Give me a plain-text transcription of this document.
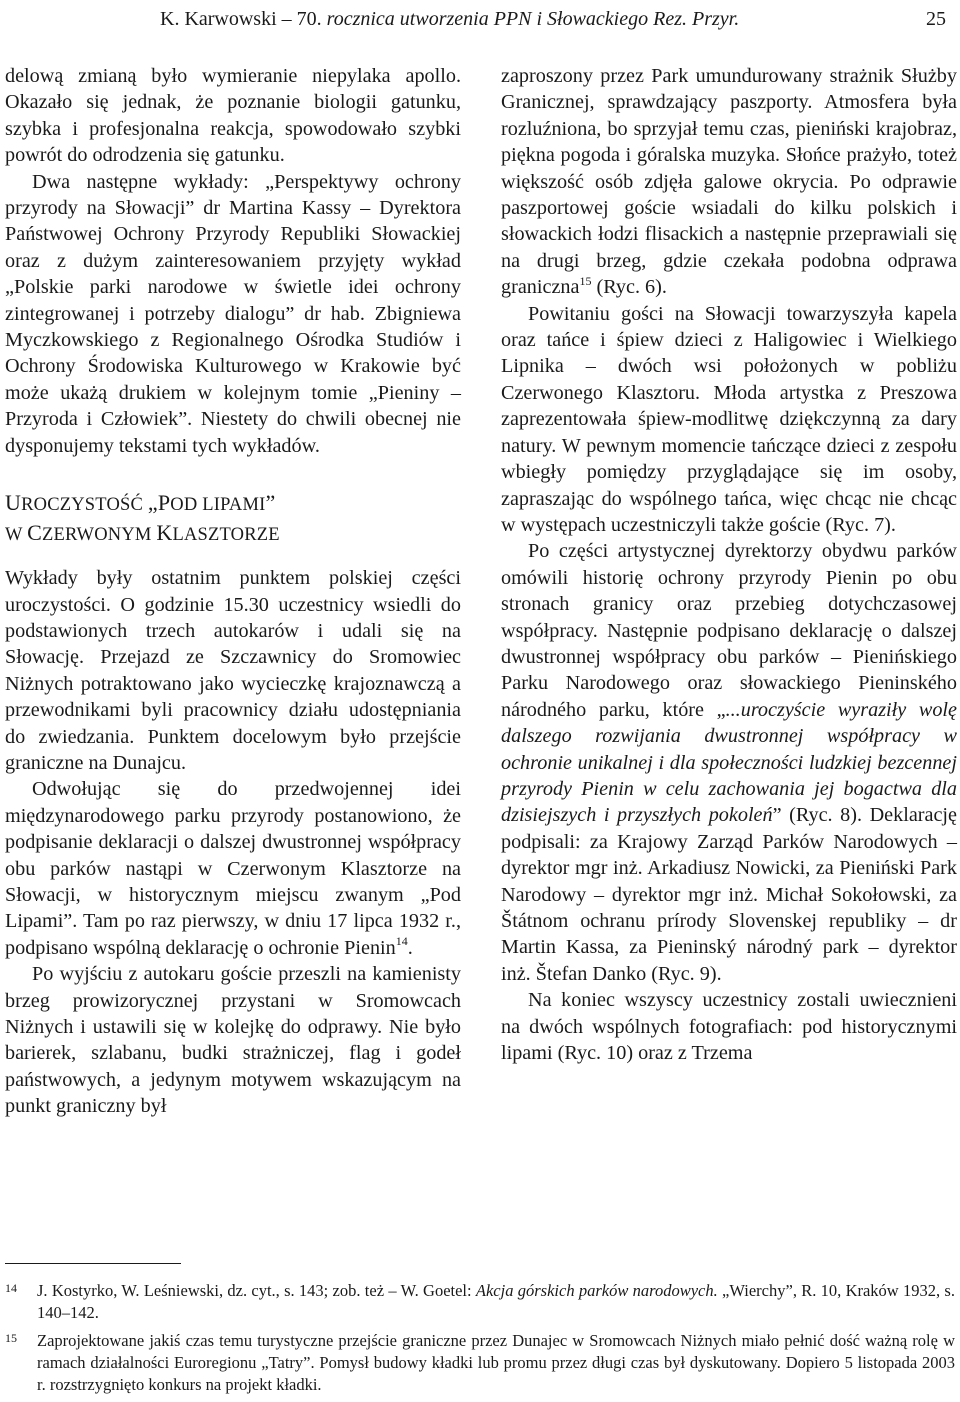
K. Karwowski – 70. rocznica utworzenia PPN i Słowackiego Rez. Przyr.	25

delową zmianą było wymieranie niepylaka apollo. Okazało się jednak, że poznanie biologii gatunku, szybka i profesjonalna reakcja, spowodowało szybki powrót do odrodzenia się gatunku.

Dwa następne wykłady: „Perspektywy ochrony przyrody na Słowacji” dr Martina Kassy – Dyrektora Państwowej Ochrony Przyrody Republiki Słowackiej oraz z dużym zainteresowaniem przyjęty wykład „Polskie parki narodowe w świetle idei ochrony zintegrowanej i potrzeby dialogu” dr hab. Zbigniewa Myczkowskiego z Regionalnego Ośrodka Studiów i Ochrony Środowiska Kulturowego w Krakowie być może ukażą drukiem w kolejnym tomie „Pieniny – Przyroda i Człowiek”. Niestety do chwili obecnej nie dysponujemy tekstami tych wykładów.

UROCZYSTOŚĆ „POD LIPAMI”
W CZERWONYM KLASZTORZE

Wykłady były ostatnim punktem polskiej części uroczystości. O godzinie 15.30 uczestnicy wsiedli do podstawionych trzech autokarów i udali się na Słowację. Przejazd ze Szczawnicy do Sromowiec Niżnych potraktowano jako wycieczkę krajoznawczą a przewodnikami byli pracownicy działu udostępniania do zwiedzania. Punktem docelowym było przejście graniczne na Dunajcu.

Odwołując się do przedwojennej idei międzynarodowego parku przyrody postanowiono, że podpisanie deklaracji o dalszej dwustronnej współpracy obu parków nastąpi w Czerwonym Klasztorze na Słowacji, w historycznym miejscu zwanym „Pod Lipami”. Tam po raz pierwszy, w dniu 17 lipca 1932 r., podpisano wspólną deklarację o ochronie Pienin$^{14}$.

Po wyjściu z autokaru goście przeszli na kamienisty brzeg prowizorycznej przystani w Sromowcach Niżnych i ustawili się w kolejkę do odprawy. Nie było barierek, szlabanu, budki strażniczej, flag i godeł państwowych, a jedynym motywem wskazującym na punkt graniczny był

zaproszony przez Park umundurowany strażnik Służby Granicznej, sprawdzający paszporty. Atmosfera była rozluźniona, bo sprzyjał temu czas, pieniński krajobraz, piękna pogoda i góralska muzyka. Słońce prażyło, toteż większość osób zdjęła galowe okrycia. Po odprawie paszportowej goście wsiadali do kilku polskich i słowackich łodzi flisackich a następnie przeprawiali się na drugi brzeg, gdzie czekała podobna odprawa graniczna$^{15}$ (Ryc. 6).

Powitaniu gości na Słowacji towarzyszyła kapela oraz tańce i śpiew dzieci z Haligowiec i Wielkiego Lipnika – dwóch wsi położonych w pobliżu Czerwonego Klasztoru. Młoda artystka z Preszowa zaprezentowała śpiew-modlitwę dziękczynną za dary natury. W pewnym momencie tańczące dzieci z zespołu wbiegły pomiędzy przyglądające się im osoby, zapraszając do wspólnego tańca, więc chcąc nie chcąc w występach uczestniczyli także goście (Ryc. 7).

Po części artystycznej dyrektorzy obydwu parków omówili historię ochrony przyrody Pienin po obu stronach granicy oraz przebieg dotychczasowej współpracy. Następnie podpisano deklarację o dalszej dwustronnej współpracy obu parków – Pienińskiego Parku Narodowego oraz słowackiego Pieninského národného parku, które „...uroczyście wyraziły wolę dalszego rozwijania dwustronnej współpracy w ochronie unikalnej i dla społeczności ludzkiej bezcennej przyrody Pienin w celu zachowania jej bogactwa dla dzisiejszych i przyszłych pokoleń” (Ryc. 8). Deklarację podpisali: za Krajowy Zarząd Parków Narodowych – dyrektor mgr inż. Arkadiusz Nowicki, za Pieniński Park Narodowy – dyrektor mgr inż. Michał Sokołowski, za Štátnom ochranu prírody Slovenskej republiky – dr Martin Kassa, za Pieninský národný park – dyrektor inż. Štefan Danko (Ryc. 9).

Na koniec wszyscy uczestnicy zostali uwiecznieni na dwóch wspólnych fotografiach: pod historycznymi lipami (Ryc. 10) oraz z Trzema

14 J. Kostyrko, W. Leśniewski, dz. cyt., s. 143; zob. też – W. Goetel: Akcja górskich parków narodowych. „Wierchy”, R. 10, Kraków 1932, s. 140–142.
15 Zaprojektowane jakiś czas temu turystyczne przejście graniczne przez Dunajec w Sromowcach Niżnych miało pełnić dość ważną rolę w ramach działalności Euroregionu „Tatry”. Pomysł budowy kładki lub promu przez długi czas był dyskutowany. Dopiero 5 listopada 2003 r. rozstrzygnięto konkurs na projekt kładki.
